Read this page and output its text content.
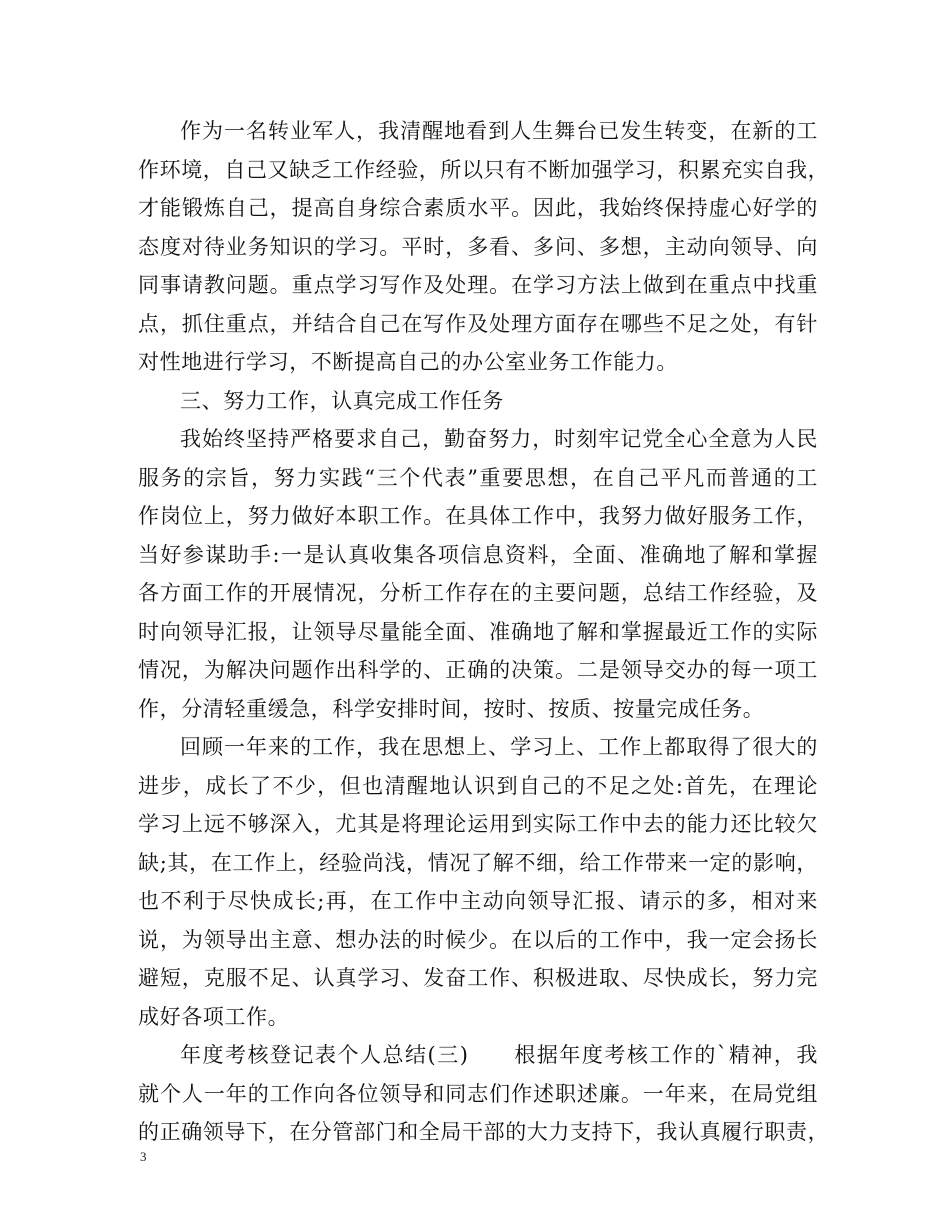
作为一名转业军人，我清醒地看到人生舞台已发生转变，在新的工
作环境，自己又缺乏工作经验，所以只有不断加强学习，积累充实自我，
才能锻炼自己，提高自身综合素质水平。因此，我始终保持虚心好学的
态度对待业务知识的学习。平时，多看、多问、多想，主动向领导、向
同事请教问题。重点学习写作及处理。在学习方法上做到在重点中找重
点，抓住重点，并结合自己在写作及处理方面存在哪些不足之处，有针
对性地进行学习，不断提高自己的办公室业务工作能力。
三、努力工作，认真完成工作任务
我始终坚持严格要求自己，勤奋努力，时刻牢记党全心全意为人民
服务的宗旨，努力实践“三个代表”重要思想，在自己平凡而普通的工
作岗位上，努力做好本职工作。在具体工作中，我努力做好服务工作，
当好参谋助手:一是认真收集各项信息资料，全面、准确地了解和掌握
各方面工作的开展情况，分析工作存在的主要问题，总结工作经验，及
时向领导汇报，让领导尽量能全面、准确地了解和掌握最近工作的实际
情况，为解决问题作出科学的、正确的决策。二是领导交办的每一项工
作，分清轻重缓急，科学安排时间，按时、按质、按量完成任务。
回顾一年来的工作，我在思想上、学习上、工作上都取得了很大的
进步，成长了不少，但也清醒地认识到自己的不足之处:首先，在理论
学习上远不够深入，尤其是将理论运用到实际工作中去的能力还比较欠
缺;其，在工作上，经验尚浅，情况了解不细，给工作带来一定的影响，
也不利于尽快成长;再，在工作中主动向领导汇报、请示的多，相对来
说，为领导出主意、想办法的时候少。在以后的工作中，我一定会扬长
避短，克服不足、认真学习、发奋工作、积极进取、尽快成长，努力完
成好各项工作。
年度考核登记表个人总结(三)　　根据年度考核工作的`精神，我
就个人一年的工作向各位领导和同志们作述职述廉。一年来，在局党组
的正确领导下，在分管部门和全局干部的大力支持下，我认真履行职责，
3
